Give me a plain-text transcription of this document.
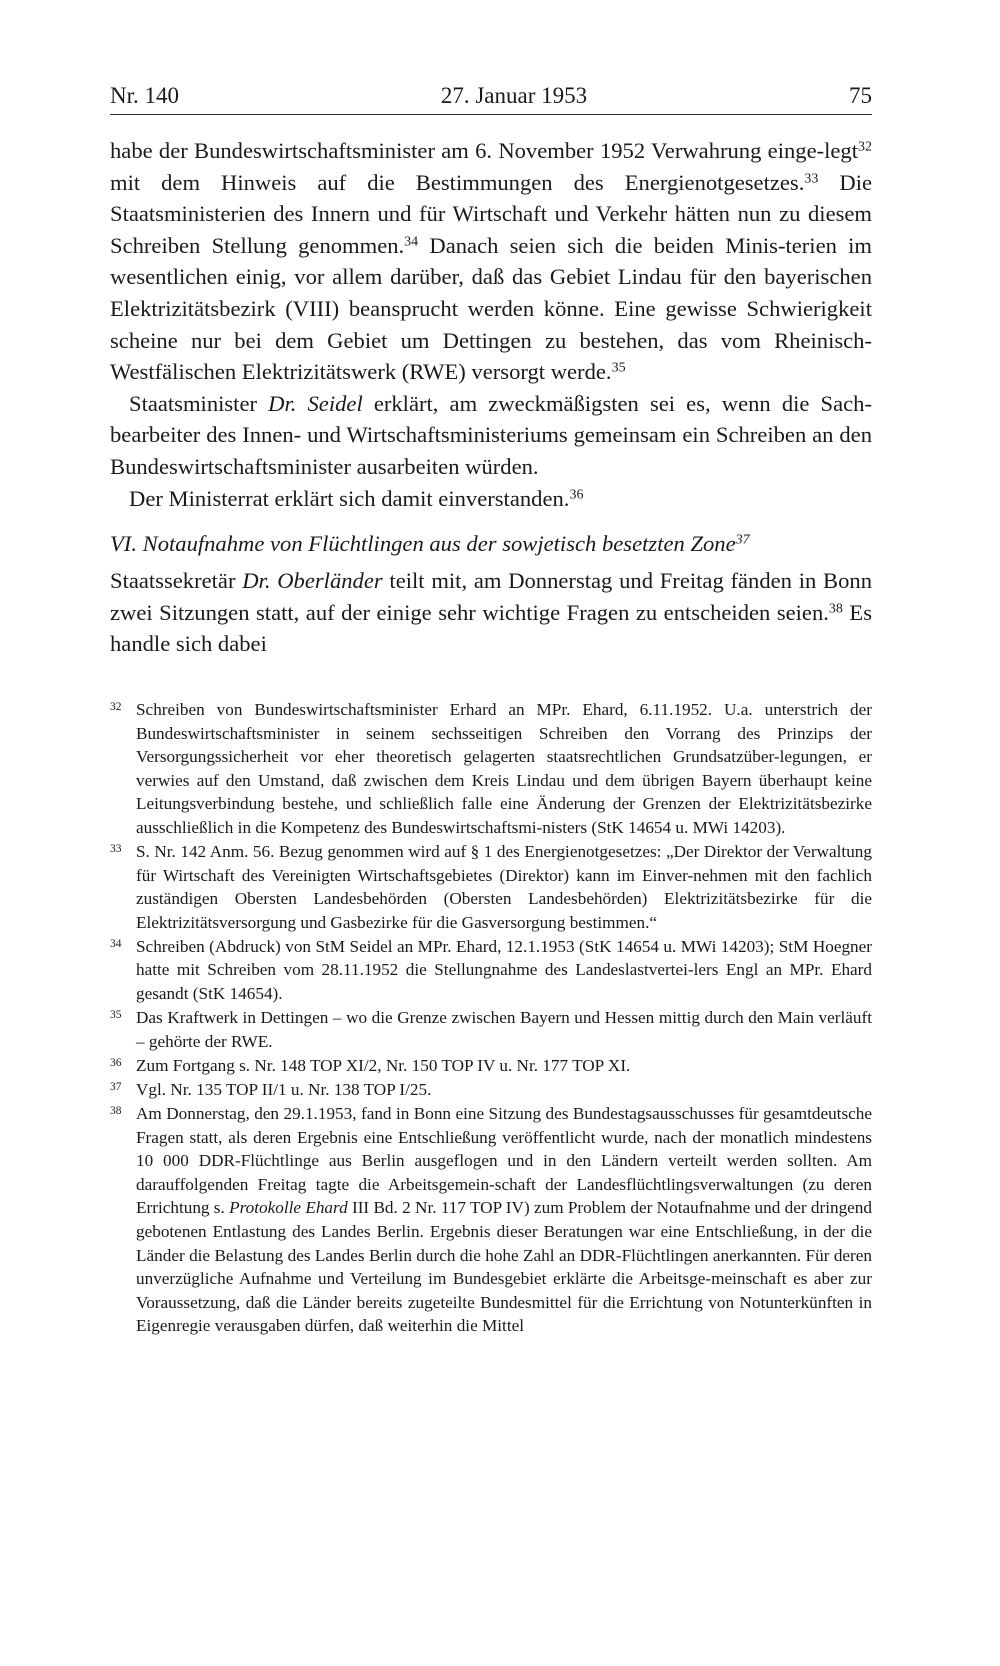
Nr. 140	27. Januar 1953	75

habe der Bundeswirtschaftsminister am 6. November 1952 Verwahrung einge-legt$^{32}$ mit dem Hinweis auf die Bestimmungen des Energienotgesetzes.$^{33}$ Die Staatsministerien des Innern und für Wirtschaft und Verkehr hätten nun zu diesem Schreiben Stellung genommen.$^{34}$ Danach seien sich die beiden Minis-terien im wesentlichen einig, vor allem darüber, daß das Gebiet Lindau für den bayerischen Elektrizitätsbezirk (VIII) beansprucht werden könne. Eine gewisse Schwierigkeit scheine nur bei dem Gebiet um Dettingen zu bestehen, das vom Rheinisch-Westfälischen Elektrizitätswerk (RWE) versorgt werde.$^{35}$

Staatsminister Dr. Seidel erklärt, am zweckmäßigsten sei es, wenn die Sach-bearbeiter des Innen- und Wirtschaftsministeriums gemeinsam ein Schreiben an den Bundeswirtschaftsminister ausarbeiten würden.

Der Ministerrat erklärt sich damit einverstanden.$^{36}$

VI. Notaufnahme von Flüchtlingen aus der sowjetisch besetzten Zone$^{37}$

Staatssekretär Dr. Oberländer teilt mit, am Donnerstag und Freitag fänden in Bonn zwei Sitzungen statt, auf der einige sehr wichtige Fragen zu entscheiden seien.$^{38}$ Es handle sich dabei

32 Schreiben von Bundeswirtschaftsminister Erhard an MPr. Ehard, 6.11.1952. U.a. unterstrich der Bundeswirtschaftsminister in seinem sechsseitigen Schreiben den Vorrang des Prinzips der Versorgungssicherheit vor eher theoretisch gelagerten staatsrechtlichen Grundsatzüber-legungen, er verwies auf den Umstand, daß zwischen dem Kreis Lindau und dem übrigen Bayern überhaupt keine Leitungsverbindung bestehe, und schließlich falle eine Änderung der Grenzen der Elektrizitätsbezirke ausschließlich in die Kompetenz des Bundeswirtschaftsmi-nisters (StK 14654 u. MWi 14203).
33 S. Nr. 142 Anm. 56. Bezug genommen wird auf § 1 des Energienotgesetzes: „Der Direktor der Verwaltung für Wirtschaft des Vereinigten Wirtschaftsgebietes (Direktor) kann im Einver-nehmen mit den fachlich zuständigen Obersten Landesbehörden (Obersten Landesbehörden) Elektrizitätsbezirke für die Elektrizitätsversorgung und Gasbezirke für die Gasversorgung bestimmen.“
34 Schreiben (Abdruck) von StM Seidel an MPr. Ehard, 12.1.1953 (StK 14654 u. MWi 14203); StM Hoegner hatte mit Schreiben vom 28.11.1952 die Stellungnahme des Landeslastvertei-lers Engl an MPr. Ehard gesandt (StK 14654).
35 Das Kraftwerk in Dettingen – wo die Grenze zwischen Bayern und Hessen mittig durch den Main verläuft – gehörte der RWE.
36 Zum Fortgang s. Nr. 148 TOP XI/2, Nr. 150 TOP IV u. Nr. 177 TOP XI.
37 Vgl. Nr. 135 TOP II/1 u. Nr. 138 TOP I/25.
38 Am Donnerstag, den 29.1.1953, fand in Bonn eine Sitzung des Bundestagsausschusses für gesamtdeutsche Fragen statt, als deren Ergebnis eine Entschließung veröffentlicht wurde, nach der monatlich mindestens 10 000 DDR-Flüchtlinge aus Berlin ausgeflogen und in den Ländern verteilt werden sollten. Am darauffolgenden Freitag tagte die Arbeitsgemein-schaft der Landesflüchtlingsverwaltungen (zu deren Errichtung s. Protokolle Ehard III Bd. 2 Nr. 117 TOP IV) zum Problem der Notaufnahme und der dringend gebotenen Entlastung des Landes Berlin. Ergebnis dieser Beratungen war eine Entschließung, in der die Länder die Belastung des Landes Berlin durch die hohe Zahl an DDR-Flüchtlingen anerkannten. Für deren unverzügliche Aufnahme und Verteilung im Bundesgebiet erklärte die Arbeitsge-meinschaft es aber zur Voraussetzung, daß die Länder bereits zugeteilte Bundesmittel für die Errichtung von Notunterkünften in Eigenregie verausgaben dürfen, daß weiterhin die Mittel
